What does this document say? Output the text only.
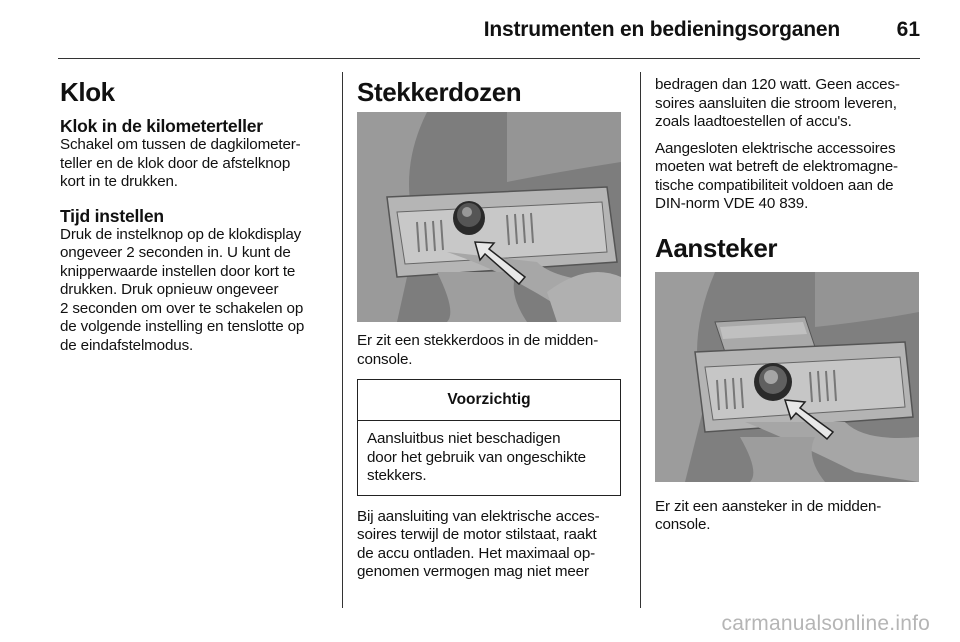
Instrumenten en bedieningsorganen	61
Klok
Klok in de kilometerteller

Schakel om tussen de dagkilometer-

teller en de klok door de afstelknop

kort in te drukken.

Tijd instellen

Druk de instelknop op de klokdisplay

ongeveer 2 seconden in. U kunt de

knipperwaarde instellen door kort te

drukken. Druk opnieuw ongeveer

2 seconden om over te schakelen op

de volgende instelling en tenslotte op

de eindafstelmodus.

Stekkerdozen

Er zit een stekkerdoos in de midden-

console.

Voorzichtig

Aansluitbus niet beschadigen

door het gebruik van ongeschikte

stekkers.

Bij aansluiting van elektrische acces-

soires terwijl de motor stilstaat, raakt

de accu ontladen. Het maximaal op-

genomen vermogen mag niet meer

bedragen dan 120 watt. Geen acces-

soires aansluiten die stroom leveren,

zoals laadtoestellen of accu's.

Aangesloten elektrische accessoires

moeten wat betreft de elektromagne-

tische compatibiliteit voldoen aan de

DIN-norm VDE 40 839.

Aansteker

Er zit een aansteker in de midden-

console.

carmanualsonline.info
